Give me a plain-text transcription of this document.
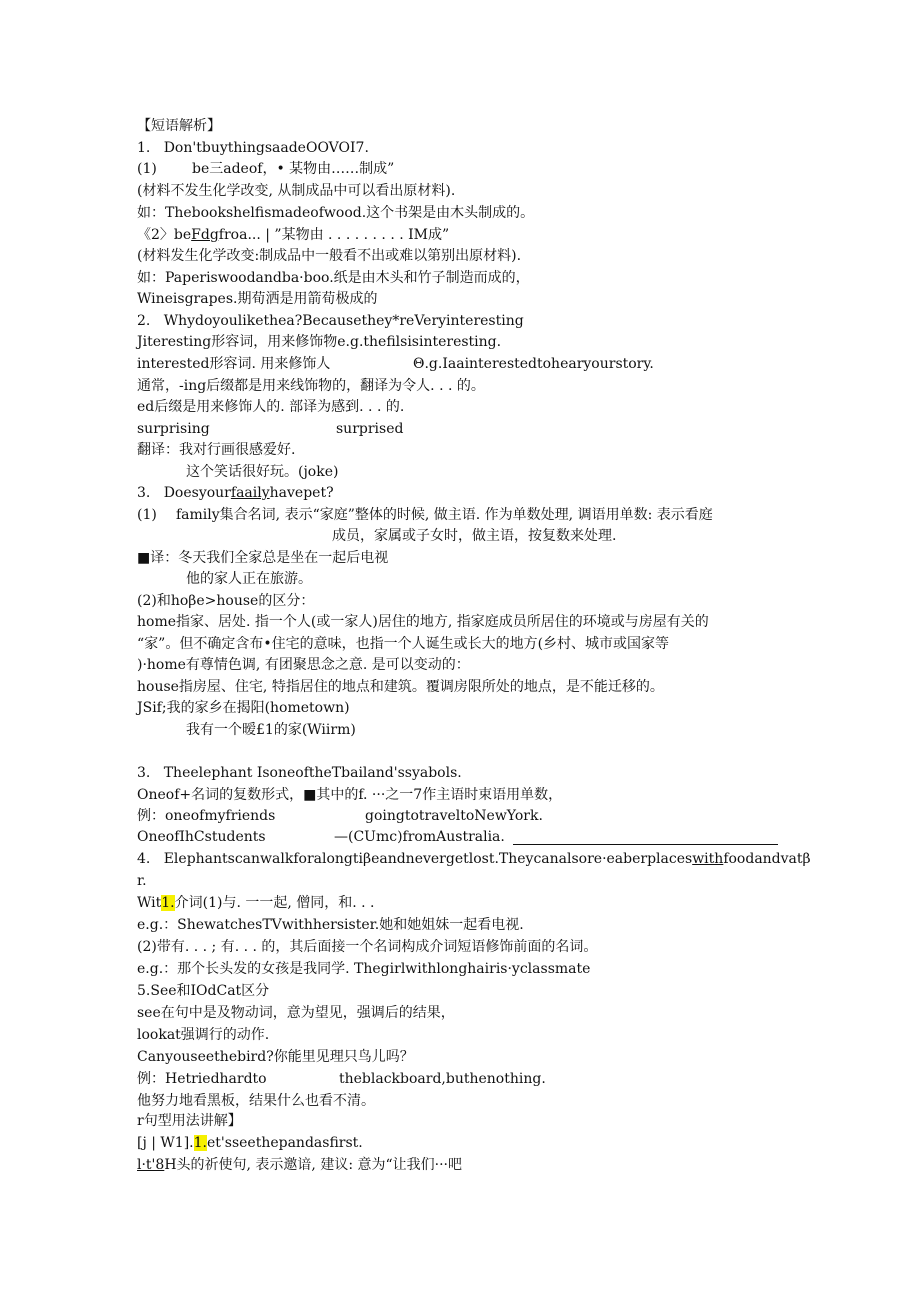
【短语解析】
1.   Don'tbuythingsaadeOOVOI7.
(1)	be三adeof，• 某物由……制成”
(材料不发生化学改变, 从制成品中可以看出原材料).
如：Thebookshelfismadeofwood.这个书架是由木头制成的。
《2〉beFdgfroa... | ”某物由 . . . . . . . . . IM成”
(材料发生化学改变:制成品中一般看不出或难以第别出原材料).
如：Paperiswoodandba·boo.纸是由木头和竹子制造而成的，
Wineisgrapes.期荀洒是用箭荀极成的
2.   Whydoyoulikethea?Becausethey*reVeryinteresting
Jiteresting形容词，用来修饰物e.g.thefilsisinteresting.
interested形容词. 用来修饰人	Θ.g.Iaainterestedtohearyourstory.
通常，-ing后缀都是用来线饰物的，翻译为令人. . . 的。
ed后缀是用来修饰人的. 部译为感到. . . 的.
surprising	surprised
翻译：我对行画很感爱好.
这个笑话很好玩。(joke)
3.   Doesyourfaailyhavepet?
(1) family集合名词, 表示“家庭”整体的时候, 做主语. 作为单数处理, 调语用单数: 表示看庭
成员，家属或子女时，做主语，按复数来处理.
■译：冬天我们全家总是坐在一起后电视
他的家人正在旅游。
(2)和hoβe>house的区分：
home指家、居处. 指一个人(或一家人)居住的地方, 指家庭成员所居住的环境或与房屋有关的
“家”。但不确定含布•住宅的意味，也指一个人诞生或长大的地方(乡村、城市或国家等
)·home有尊情色调, 有团聚思念之意. 是可以变动的：
house指房屋、住宅, 特指居住的地点和建筑。覆调房限所处的地点，是不能迁移的。
JSif;我的家乡在揭阳(hometown)
我有一个暧£1的家(Wiirm)
3.   Theelephant IsoneoftheTbailand'ssyabols.
Oneof+名词的复数形式，■其中的f. ···之一7作主语时束语用单数，
例：oneofmyfriends	goingtotraveltoNewYork.
OneofIhCstudents	—(CUmc)fromAustralia.
4.   Elephantscanwalkforalongtiβeandnevergetlost.Theycanalsore·eaberplaceswithfoodandvatβ
r.
Wit1.介词(1)与. 一一起, 僧同，和. . .
e.g.：ShewatchesTVwithhersister.她和她姐妹一起看电视.
(2)带有. . . ; 有. . . 的，其后面接一个名词构成介词短语修饰前面的名词。
e.g.：那个长头发的女孩是我同学. Thegirlwithlonghairis·yclassmate
5.See和IOdCat区分
see在句中是及物动词，意为望见，强调后的结果，
lookat强调行的动作.
Canyouseethebird?你能里见理只鸟儿吗？
例：Hetriedhardto	theblackboard,buthenothing.
他努力地看黑板，结果什么也看不清。
r句型用法讲解】
[j | W1].1.et'sseethepandasfirst.
l·t'8H头的祈使句, 表示邀谙, 建议: 意为“让我们···吧
